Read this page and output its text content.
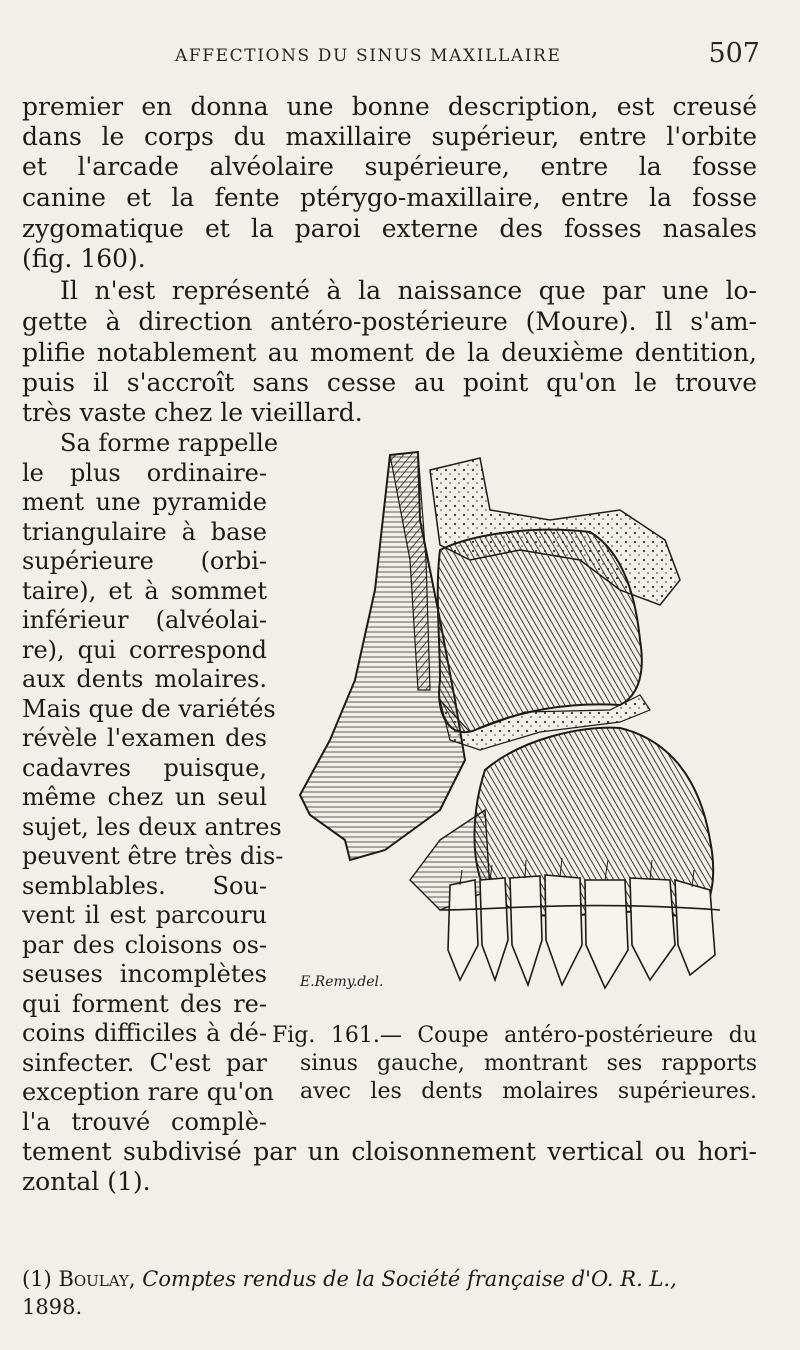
AFFECTIONS DU SINUS MAXILLAIRE	507
premier en donna une bonne description, est creusé
dans le corps du maxillaire supérieur, entre l'orbite
et l'arcade alvéolaire supérieure, entre la fosse
canine et la fente ptérygo-maxillaire, entre la fosse
zygomatique et la paroi externe des fosses nasales
(fig. 160).
Il n'est représenté à la naissance que par une lo-
gette à direction antéro-postérieure (Moure). Il s'am-
plifie notablement au moment de la deuxième dentition,
puis il s'accroît sans cesse au point qu'on le trouve
très vaste chez le vieillard.
Sa forme rappelle
le plus ordinaire-
ment une pyramide
triangulaire à base
supérieure (orbi-
taire), et à sommet
inférieur (alvéolai-
re), qui correspond
aux dents molaires.
Mais que de variétés
révèle l'examen des
cadavres puisque,
même chez un seul
sujet, les deux antres
peuvent être très dis-
semblables. Sou-
vent il est parcouru
par des cloisons os-
seuses incomplètes
qui forment des re-
coins difficiles à dé-
sinfecter. C'est par
exception rare qu'on
l'a trouvé complè-
tement subdivisé par un cloisonnement vertical ou hori-
zontal (1).
E.Remy.del.
Fig. 161.— Coupe antéro-postérieure du
sinus gauche, montrant ses rapports
avec les dents molaires supérieures.
(1) Boulay, Comptes rendus de la Société française d'O. R. L.,
1898.
